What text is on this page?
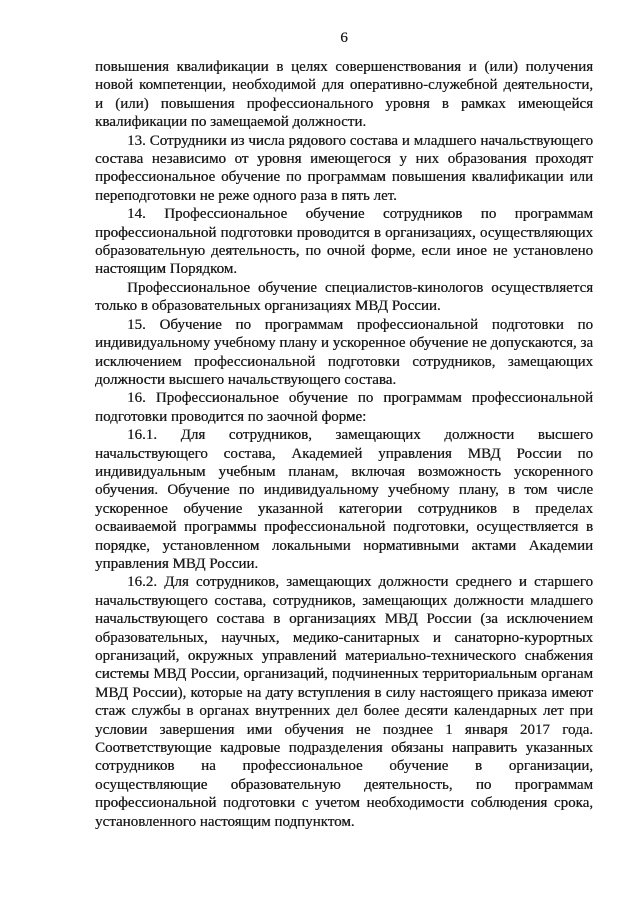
6

повышения квалификации в целях совершенствования и (или) получения новой компетенции, необходимой для оперативно-служебной деятельности, и (или) повышения профессионального уровня в рамках имеющейся квалификации по замещаемой должности.

13. Сотрудники из числа рядового состава и младшего начальствующего состава независимо от уровня имеющегося у них образования проходят профессиональное обучение по программам повышения квалификации или переподготовки не реже одного раза в пять лет.

14. Профессиональное обучение сотрудников по программам профессиональной подготовки проводится в организациях, осуществляющих образовательную деятельность, по очной форме, если иное не установлено настоящим Порядком.

Профессиональное обучение специалистов-кинологов осуществляется только в образовательных организациях МВД России.

15. Обучение по программам профессиональной подготовки по индивидуальному учебному плану и ускоренное обучение не допускаются, за исключением профессиональной подготовки сотрудников, замещающих должности высшего начальствующего состава.

16. Профессиональное обучение по программам профессиональной подготовки проводится по заочной форме:

16.1. Для сотрудников, замещающих должности высшего начальствующего состава, Академией управления МВД России по индивидуальным учебным планам, включая возможность ускоренного обучения. Обучение по индивидуальному учебному плану, в том числе ускоренное обучение указанной категории сотрудников в пределах осваиваемой программы профессиональной подготовки, осуществляется в порядке, установленном локальными нормативными актами Академии управления МВД России.

16.2. Для сотрудников, замещающих должности среднего и старшего начальствующего состава, сотрудников, замещающих должности младшего начальствующего состава в организациях МВД России (за исключением образовательных, научных, медико-санитарных и санаторно-курортных организаций, окружных управлений материально-технического снабжения системы МВД России, организаций, подчиненных территориальным органам МВД России), которые на дату вступления в силу настоящего приказа имеют стаж службы в органах внутренних дел более десяти календарных лет при условии завершения ими обучения не позднее 1 января 2017 года. Соответствующие кадровые подразделения обязаны направить указанных сотрудников на профессиональное обучение в организации, осуществляющие образовательную деятельность, по программам профессиональной подготовки с учетом необходимости соблюдения срока, установленного настоящим подпунктом.
